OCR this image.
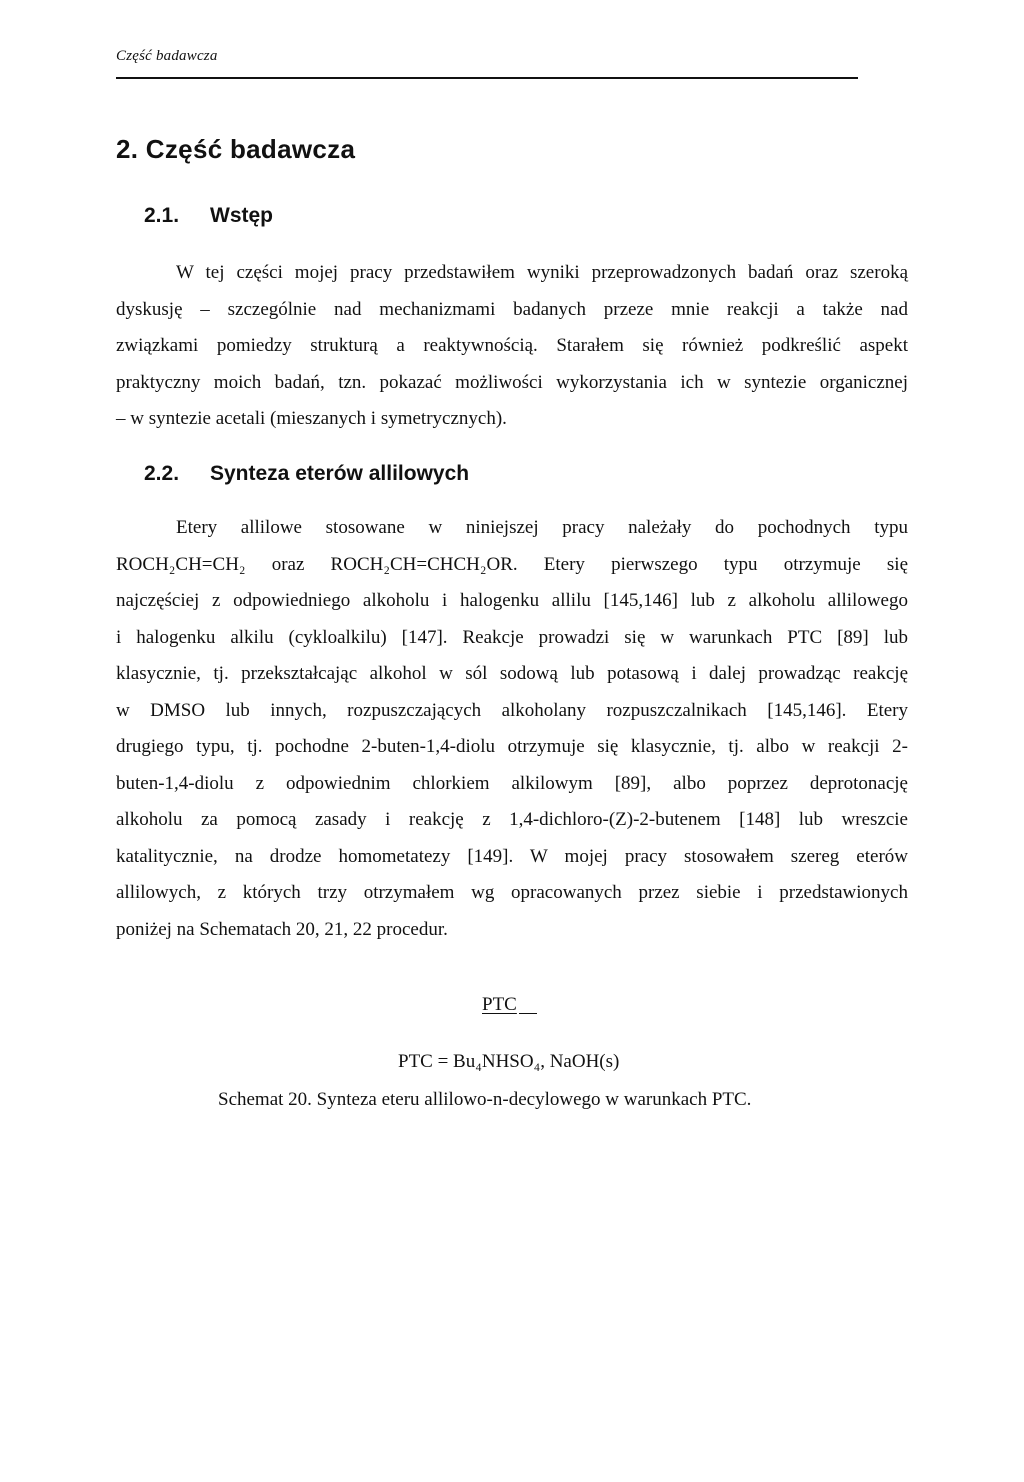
Część badawcza
2. Część badawcza
2.1. Wstęp
W tej części mojej pracy przedstawiłem wyniki przeprowadzonych badań oraz szeroką
dyskusję – szczególnie nad mechanizmami badanych przeze mnie reakcji a także nad
związkami pomiedzy strukturą a reaktywnością. Starałem się również podkreślić aspekt
praktyczny moich badań, tzn. pokazać możliwości wykorzystania ich w syntezie organicznej
– w syntezie acetali (mieszanych i symetrycznych).
2.2. Synteza eterów allilowych
Etery allilowe stosowane w niniejszej pracy należały do pochodnych typu
ROCH₂CH=CH₂ oraz ROCH₂CH=CHCH₂OR. Etery pierwszego typu otrzymuje się
najczęściej z odpowiedniego alkoholu i halogenku allilu [145,146] lub z alkoholu allilowego
i halogenku alkilu (cykloalkilu) [147]. Reakcje prowadzi się w warunkach PTC [89] lub
klasycznie, tj. przekształcając alkohol w sól sodową lub potasową i dalej prowadząc reakcję
w DMSO lub innych, rozpuszczających alkoholany rozpuszczalnikach [145,146]. Etery
drugiego typu, tj. pochodne 2-buten-1,4-diolu otrzymuje się klasycznie, tj. albo w reakcji 2-
buten-1,4-diolu z odpowiednim chlorkiem alkilowym [89], albo poprzez deprotonację
alkoholu za pomocą zasady i reakcję z 1,4-dichloro-(Z)-2-butenem [148] lub wreszcie
katalitycznie, na drodze homometatezy [149]. W mojej pracy stosowałem szereg eterów
allilowych, z których trzy otrzymałem wg opracowanych przez siebie i przedstawionych
poniżej na Schematach 20, 21, 22 procedur.
PTC
PTC = Bu₄NHSO₄, NaOH(s)
Schemat 20. Synteza eteru allilowo-n-decylowego w warunkach PTC.
